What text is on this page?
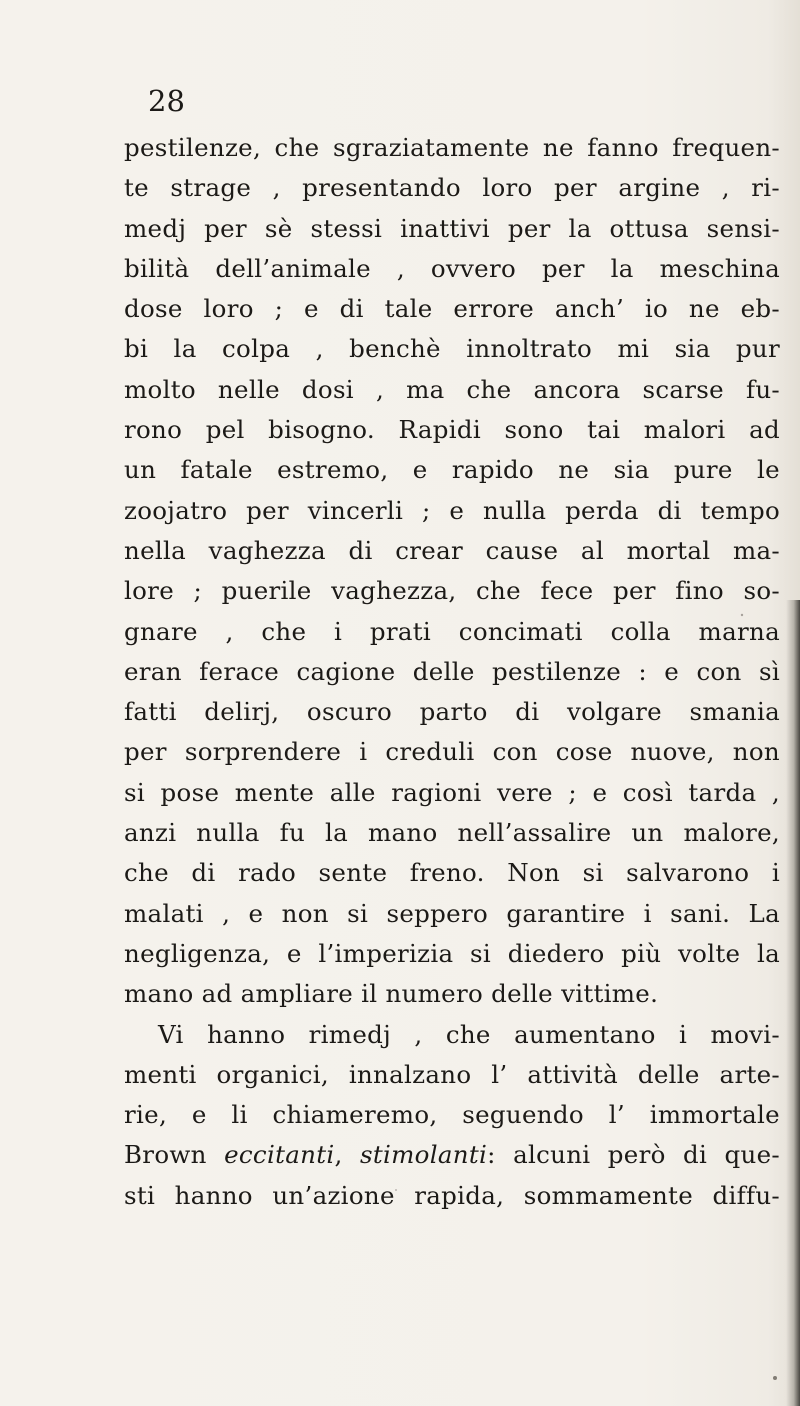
28
pestilenze, che sgraziatamente ne fanno frequen-
te strage , presentando loro per argine , ri-
medj per sè stessi inattivi per la ottusa sensi-
bilità dell’animale , ovvero per la meschina
dose loro ; e di tale errore anch’ io ne eb-
bi la colpa , benchè innoltrato mi sia pur
molto nelle dosi , ma che ancora scarse fu-
rono pel bisogno. Rapidi sono tai malori ad
un fatale estremo, e rapido ne sia pure le
zoojatro per vincerli ; e nulla perda di tempo
nella vaghezza di crear cause al mortal ma-
lore ; puerile vaghezza, che fece per fino so-
gnare , che i prati concimati colla marna
eran ferace cagione delle pestilenze : e con sì
fatti delirj, oscuro parto di volgare smania
per sorprendere i creduli con cose nuove, non
si pose mente alle ragioni vere ; e così tarda ,
anzi nulla fu la mano nell’assalire un malore,
che di rado sente freno. Non si salvarono i
malati , e non si seppero garantire i sani. La
negligenza, e l’imperizia si diedero più volte la
mano ad ampliare il numero delle vittime.
Vi hanno rimedj , che aumentano i movi-
menti organici, innalzano l’ attività delle arte-
rie, e li chiameremo, seguendo l’ immortale
Brown eccitanti, stimolanti: alcuni però di que-
sti hanno un’azione rapida, sommamente diffu-
